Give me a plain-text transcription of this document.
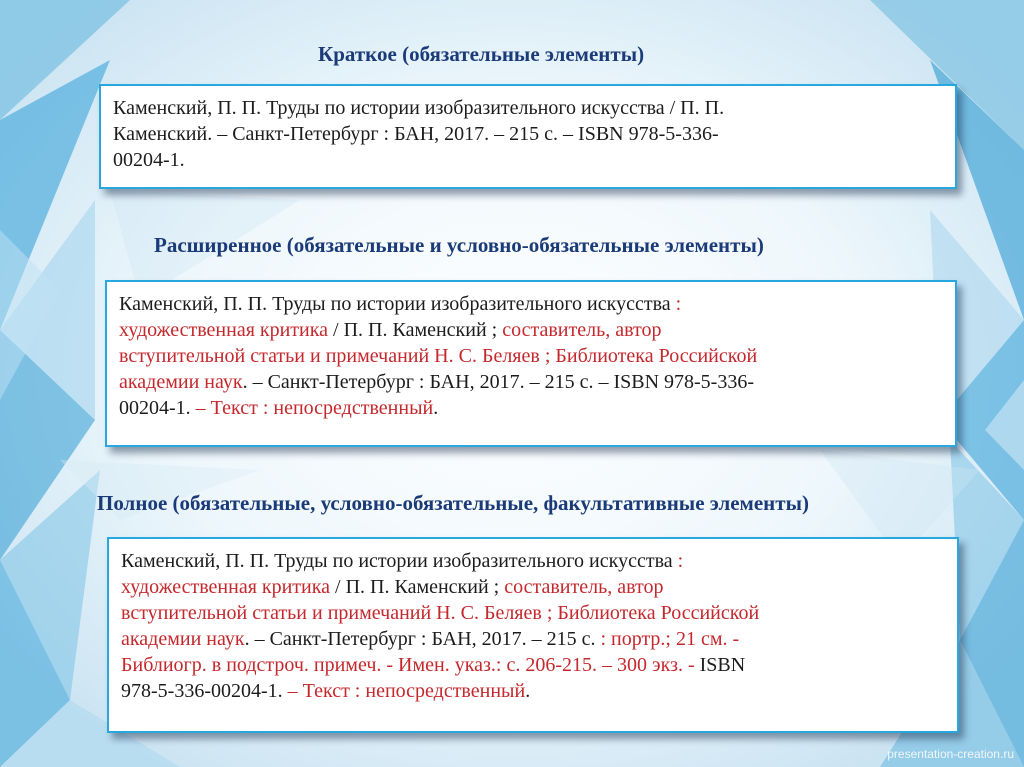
Краткое (обязательные элементы)
Каменский, П. П. Труды по истории изобразительного искусства / П. П.
Каменский. – Санкт-Петербург : БАН, 2017. – 215 с. – ISBN 978-5-336-
00204-1.
Расширенное (обязательные и условно-обязательные элементы)
Каменский, П. П. Труды по истории изобразительного искусства :
художественная критика / П. П. Каменский ; составитель, автор
вступительной статьи и примечаний Н. С. Беляев ; Библиотека Российской
академии наук. – Санкт-Петербург : БАН, 2017. – 215 с. – ISBN 978-5-336-
00204-1. – Текст : непосредственный.
Полное (обязательные, условно-обязательные, факультативные элементы)
Каменский, П. П. Труды по истории изобразительного искусства :
художественная критика / П. П. Каменский ; составитель, автор
вступительной статьи и примечаний Н. С. Беляев ; Библиотека Российской
академии наук. – Санкт-Петербург : БАН, 2017. – 215 с. : портр.; 21 см. -
Библиогр. в подстроч. примеч. - Имен. указ.: с. 206-215. – 300 экз. - ISBN
978-5-336-00204-1. – Текст : непосредственный.
presentation-creation.ru
